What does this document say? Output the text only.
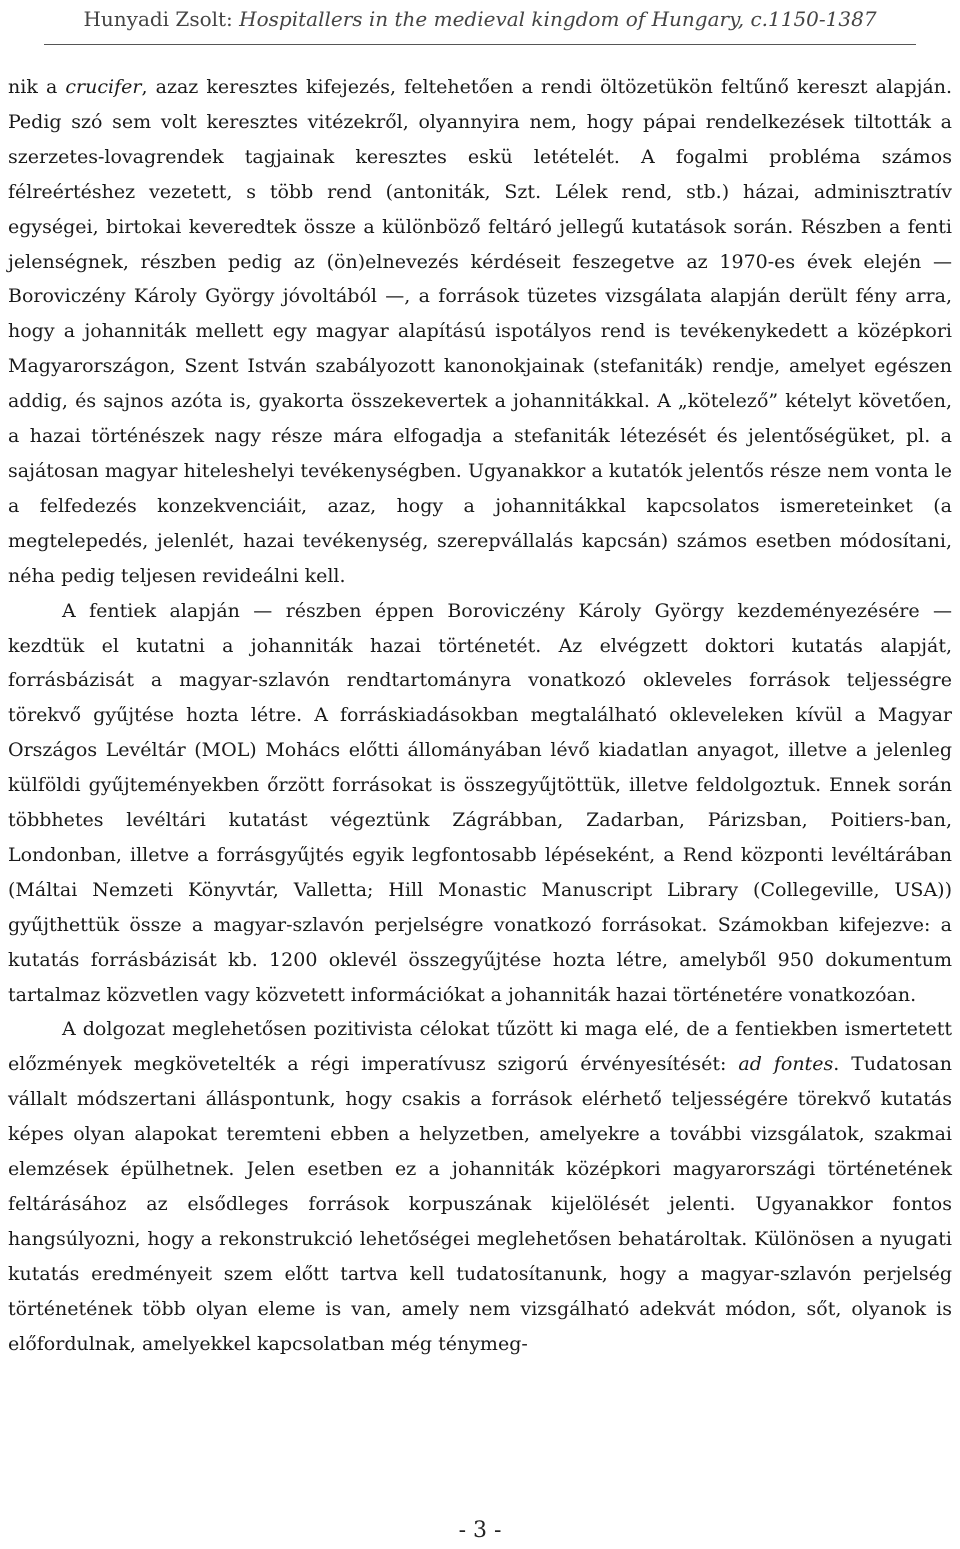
Hunyadi Zsolt: Hospitallers in the medieval kingdom of Hungary, c.1150-1387

nik a crucifer, azaz keresztes kifejezés, feltehetően a rendi öltözetükön feltűnő kereszt alapján. Pedig szó sem volt keresztes vitézekről, olyannyira nem, hogy pápai rendelkezések tiltották a szerzetes-lovagrendek tagjainak keresztes eskü letételét. A fogalmi probléma számos félreértéshez vezetett, s több rend (antoniták, Szt. Lélek rend, stb.) házai, adminisztratív egységei, birtokai keveredtek össze a különböző feltáró jellegű kutatások során. Részben a fenti jelenségnek, részben pedig az (ön)elnevezés kérdéseit feszegetve az 1970-es évek elején — Boroviczény Károly György jóvoltából —, a források tüzetes vizsgálata alapján derült fény arra, hogy a johanniták mellett egy magyar alapítású ispotályos rend is tevékenykedett a középkori Magyarországon, Szent István szabályozott kanonokjainak (stefaniták) rendje, amelyet egészen addig, és sajnos azóta is, gyakorta összekevertek a johannitákkal. A „kötelező” kételyt követően, a hazai történészek nagy része mára elfogadja a stefaniták létezését és jelentőségüket, pl. a sajátosan magyar hiteleshelyi tevékenységben. Ugyanakkor a kutatók jelentős része nem vonta le a felfedezés konzekvenciáit, azaz, hogy a johannitákkal kapcsolatos ismereteinket (a megtelepedés, jelenlét, hazai tevékenység, szerepvállalás kapcsán) számos esetben módosítani, néha pedig teljesen revideálni kell.

A fentiek alapján — részben éppen Boroviczény Károly György kezdeményezésére — kezdtük el kutatni a johanniták hazai történetét. Az elvégzett doktori kutatás alapját, forrásbázisát a magyar-szlavón rendtartományra vonatkozó okleveles források teljességre törekvő gyűjtése hozta létre. A forráskiadásokban megtalálható okleveleken kívül a Magyar Országos Levéltár (MOL) Mohács előtti állományában lévő kiadatlan anyagot, illetve a jelenleg külföldi gyűjteményekben őrzött forrásokat is összegyűjtöttük, illetve feldolgoztuk. Ennek során többhetes levéltári kutatást végeztünk Zágrábban, Zadarban, Párizsban, Poitiers-ban, Londonban, illetve a forrásgyűjtés egyik legfontosabb lépéseként, a Rend központi levéltárában (Máltai Nemzeti Könyvtár, Valletta; Hill Monastic Manuscript Library (Collegeville, USA)) gyűjthettük össze a magyar-szlavón perjelségre vonatkozó forrásokat. Számokban kifejezve: a kutatás forrásbázisát kb. 1200 oklevél összegyűjtése hozta létre, amelyből 950 dokumentum tartalmaz közvetlen vagy közvetett információkat a johanniták hazai történetére vonatkozóan.

A dolgozat meglehetősen pozitivista célokat tűzött ki maga elé, de a fentiekben ismertetett előzmények megkövetelték a régi imperatívusz szigorú érvényesítését: ad fontes. Tudatosan vállalt módszertani álláspontunk, hogy csakis a források elérhető teljességére törekvő kutatás képes olyan alapokat teremteni ebben a helyzetben, amelyekre a további vizsgálatok, szakmai elemzések épülhetnek. Jelen esetben ez a johanniták középkori magyarországi történetének feltárásához az elsődleges források korpuszának kijelölését jelenti. Ugyanakkor fontos hangsúlyozni, hogy a rekonstrukció lehetőségei meglehetősen behatároltak. Különösen a nyugati kutatás eredményeit szem előtt tartva kell tudatosítanunk, hogy a magyar-szlavón perjelség történetének több olyan eleme is van, amely nem vizsgálható adekvát módon, sőt, olyanok is előfordulnak, amelyekkel kapcsolatban még ténymeg-

- 3 -
